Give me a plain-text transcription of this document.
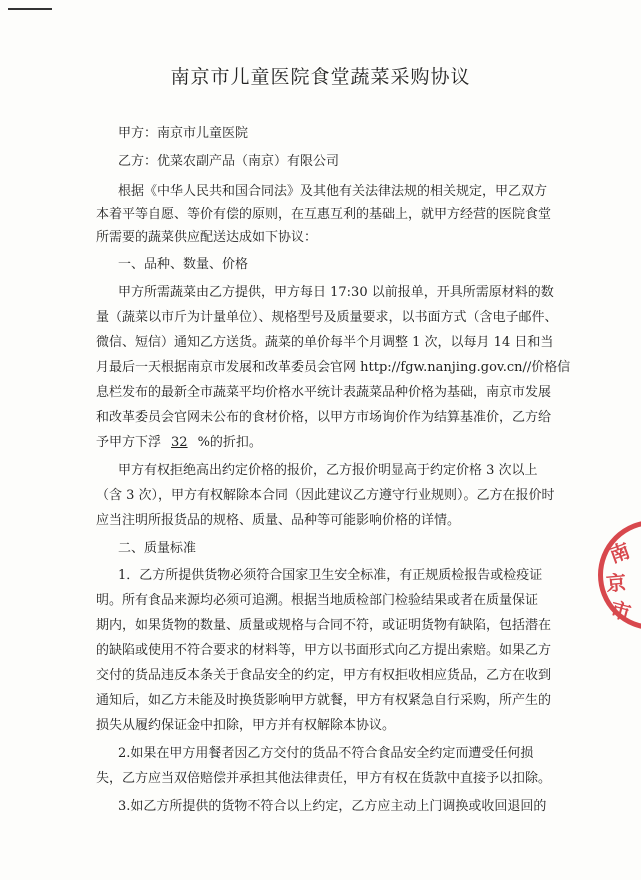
南京市儿童医院食堂蔬菜采购协议
甲方：南京市儿童医院
乙方：优菜农副产品（南京）有限公司
根据《中华人民共和国合同法》及其他有关法律法规的相关规定，甲乙双方
本着平等自愿、等价有偿的原则，在互惠互利的基础上，就甲方经营的医院食堂
所需要的蔬菜供应配送达成如下协议：
一、品种、数量、价格
甲方所需蔬菜由乙方提供，甲方每日 17:30 以前报单，开具所需原材料的数
量（蔬菜以市斤为计量单位）、规格型号及质量要求，以书面方式（含电子邮件、
微信、短信）通知乙方送货。蔬菜的单价每半个月调整 1 次，以每月 14 日和当
月最后一天根据南京市发展和改革委员会官网 http://fgw.nanjing.gov.cn//价格信
息栏发布的最新全市蔬菜平均价格水平统计表蔬菜品种价格为基础，南京市发展
和改革委员会官网未公布的食材价格，以甲方市场询价作为结算基准价，乙方给
予甲方下浮 32 %的折扣。
甲方有权拒绝高出约定价格的报价，乙方报价明显高于约定价格 3 次以上
（含 3 次），甲方有权解除本合同（因此建议乙方遵守行业规则）。乙方在报价时
应当注明所报货品的规格、质量、品种等可能影响价格的详情。
二、质量标准
1．乙方所提供货物必须符合国家卫生安全标准，有正规质检报告或检疫证
明。所有食品来源均必须可追溯。根据当地质检部门检验结果或者在质量保证
期内，如果货物的数量、质量或规格与合同不符，或证明货物有缺陷，包括潜在
的缺陷或使用不符合要求的材料等，甲方以书面形式向乙方提出索赔。如果乙方
交付的货品违反本条关于食品安全的约定，甲方有权拒收相应货品，乙方在收到
通知后，如乙方未能及时换货影响甲方就餐，甲方有权紧急自行采购，所产生的
损失从履约保证金中扣除，甲方并有权解除本协议。
2.如果在甲方用餐者因乙方交付的货品不符合食品安全约定而遭受任何损
失，乙方应当双倍赔偿并承担其他法律责任，甲方有权在货款中直接予以扣除。
3.如乙方所提供的货物不符合以上约定，乙方应主动上门调换或收回退回的
南
京
市
